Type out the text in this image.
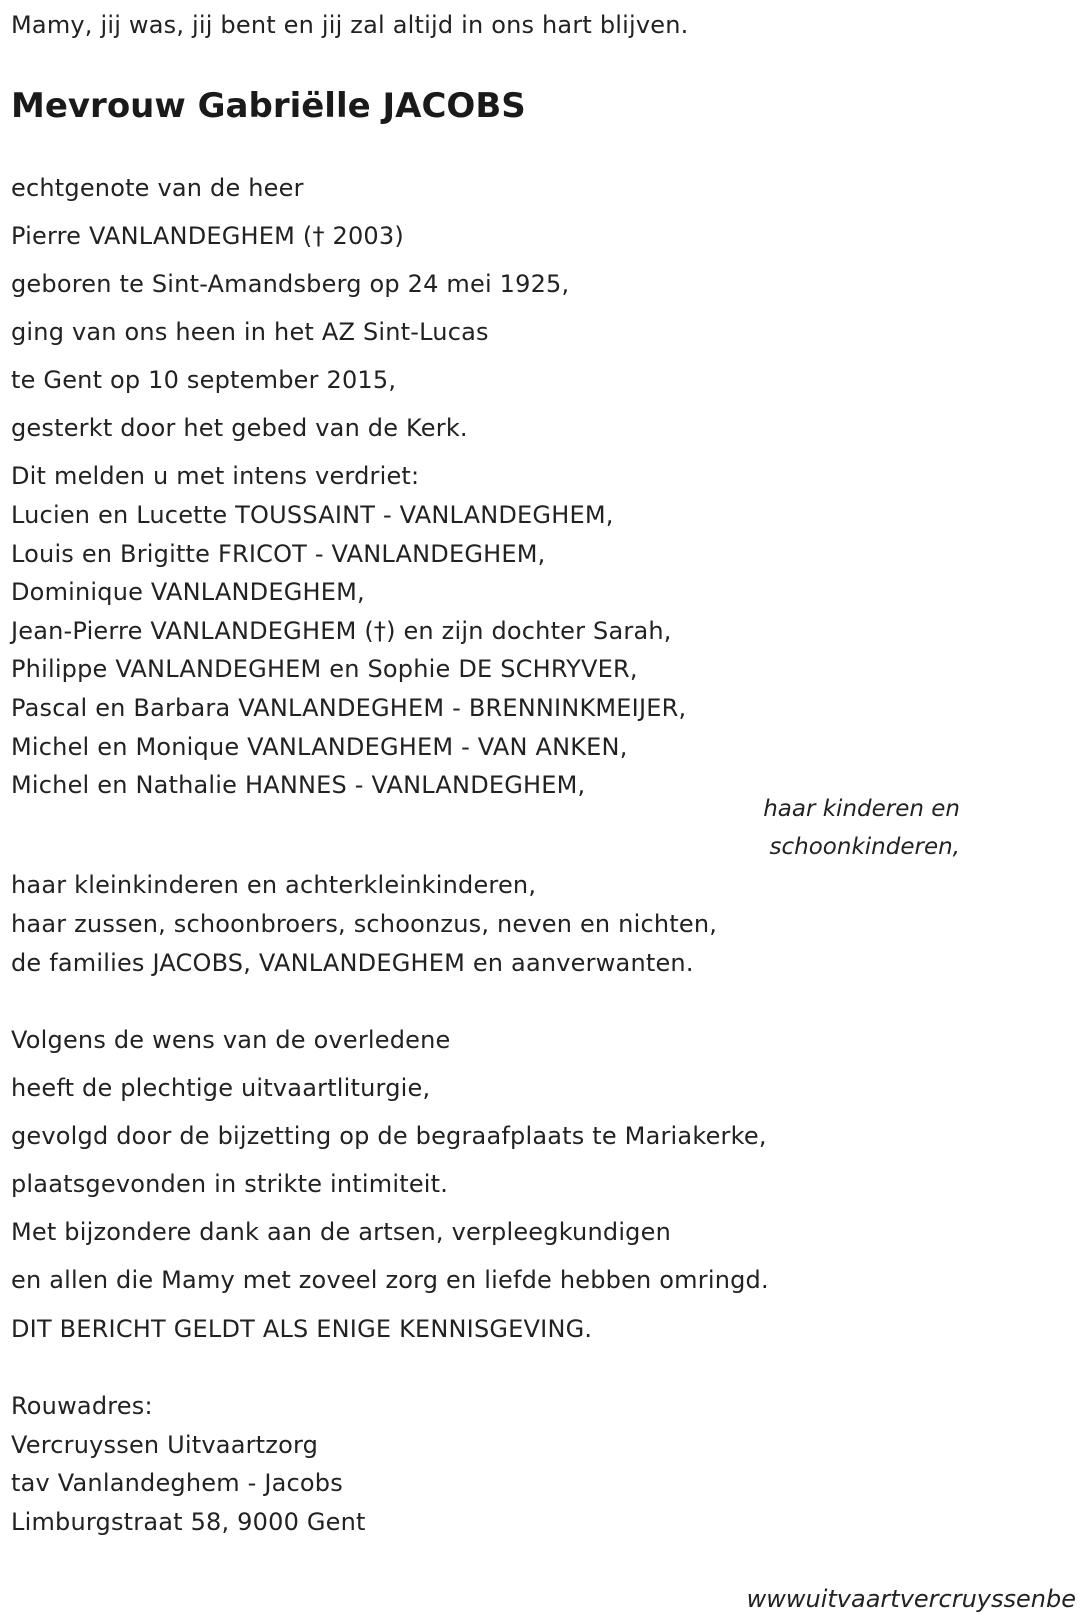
Mamy, jij was, jij bent en jij zal altijd in ons hart blijven.
Mevrouw Gabriëlle JACOBS
echtgenote van de heer
Pierre VANLANDEGHEM († 2003)
geboren te Sint-Amandsberg op 24 mei 1925,
ging van ons heen in het AZ Sint-Lucas
te Gent op 10 september 2015,
gesterkt door het gebed van de Kerk.
Dit melden u met intens verdriet:
Lucien en Lucette TOUSSAINT - VANLANDEGHEM,
Louis en Brigitte FRICOT - VANLANDEGHEM,
Dominique VANLANDEGHEM,
Jean-Pierre VANLANDEGHEM (†) en zijn dochter Sarah,
Philippe VANLANDEGHEM en Sophie DE SCHRYVER,
Pascal en Barbara VANLANDEGHEM - BRENNINKMEIJER,
Michel en Monique VANLANDEGHEM - VAN ANKEN,
Michel en Nathalie HANNES - VANLANDEGHEM,
haar kinderen en
schoonkinderen,
haar kleinkinderen en achterkleinkinderen,
haar zussen, schoonbroers, schoonzus, neven en nichten,
de families JACOBS, VANLANDEGHEM en aanverwanten.
Volgens de wens van de overledene
heeft de plechtige uitvaartliturgie,
gevolgd door de bijzetting op de begraafplaats te Mariakerke,
plaatsgevonden in strikte intimiteit.
Met bijzondere dank aan de artsen, verpleegkundigen
en allen die Mamy met zoveel zorg en liefde hebben omringd.
DIT BERICHT GELDT ALS ENIGE KENNISGEVING.
Rouwadres:
Vercruyssen Uitvaartzorg
tav Vanlandeghem - Jacobs
Limburgstraat 58, 9000 Gent
wwwuitvaartvercruyssenbe
